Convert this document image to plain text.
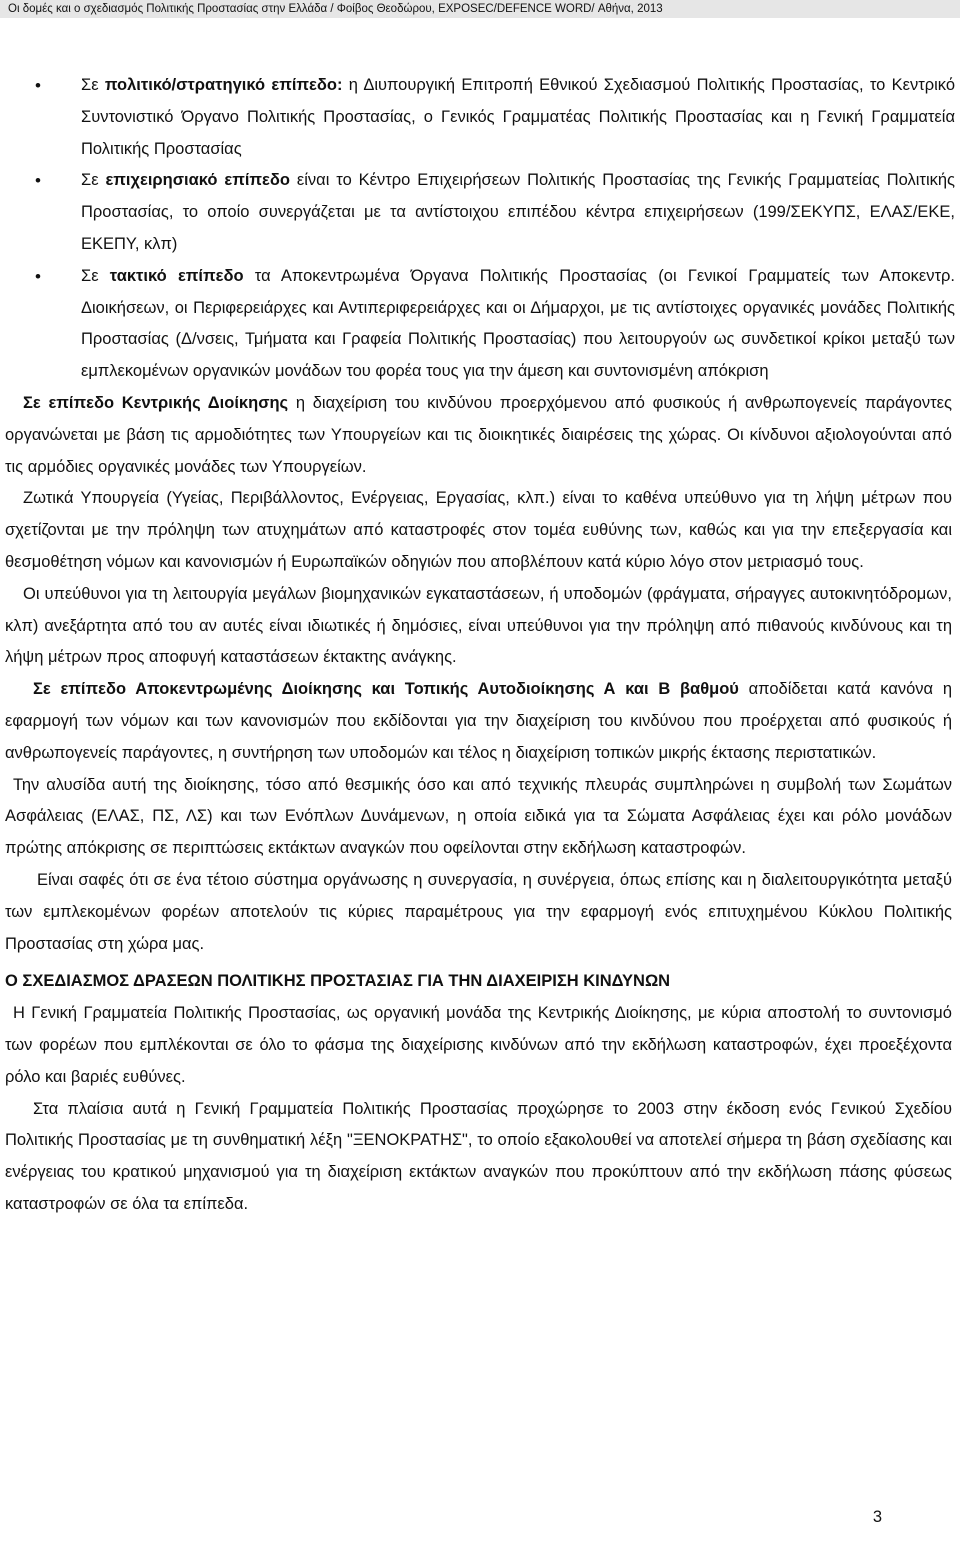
Οι δομές και ο σχεδιασμός Πολιτικής Προστασίας στην Ελλάδα / Φοίβος Θεοδώρου, EXPOSEC/DEFENCE WORD/ Αθήνα, 2013
• Σε πολιτικό/στρατηγικό επίπεδο: η Διυπουργική Επιτροπή Εθνικού Σχεδιασμού Πολιτικής Προστασίας, το Κεντρικό Συντονιστικό Όργανο Πολιτικής Προστασίας, ο Γενικός Γραμματέας Πολιτικής Προστασίας και η Γενική Γραμματεία Πολιτικής Προστασίας
• Σε επιχειρησιακό επίπεδο είναι το Κέντρο Επιχειρήσεων Πολιτικής Προστασίας της Γενικής Γραμματείας Πολιτικής Προστασίας, το οποίο συνεργάζεται με τα αντίστοιχου επιπέδου κέντρα επιχειρήσεων (199/ΣΕΚΥΠΣ, ΕΛΑΣ/ΕΚΕ, ΕΚΕΠΥ, κλπ)
• Σε τακτικό επίπεδο τα Αποκεντρωμένα Όργανα Πολιτικής Προστασίας (οι Γενικοί Γραμματείς των Αποκεντρ. Διοικήσεων, οι Περιφερειάρχες και Αντιπεριφερειάρχες και οι Δήμαρχοι, με τις αντίστοιχες οργανικές μονάδες Πολιτικής Προστασίας (Δ/νσεις, Τμήματα και Γραφεία Πολιτικής Προστασίας) που λειτουργούν ως συνδετικοί κρίκοι μεταξύ των εμπλεκομένων οργανικών μονάδων του φορέα τους για την άμεση και συντονισμένη απόκριση

Σε επίπεδο Κεντρικής Διοίκησης η διαχείριση του κινδύνου προερχόμενου από φυσικούς ή ανθρωπογενείς παράγοντες οργανώνεται με βάση τις αρμοδιότητες των Υπουργείων και τις διοικητικές διαιρέσεις της χώρας. Οι κίνδυνοι αξιολογούνται από τις αρμόδιες οργανικές μονάδες των Υπουργείων.

Ζωτικά Υπουργεία (Υγείας, Περιβάλλοντος, Ενέργειας, Εργασίας, κλπ.) είναι το καθένα υπεύθυνο για τη λήψη μέτρων που σχετίζονται με την πρόληψη των ατυχημάτων από καταστροφές στον τομέα ευθύνης των, καθώς και για την επεξεργασία και θεσμοθέτηση νόμων και κανονισμών ή Ευρωπαϊκών οδηγιών που αποβλέπουν κατά κύριο λόγο στον μετριασμό τους.

Οι υπεύθυνοι για τη λειτουργία μεγάλων βιομηχανικών εγκαταστάσεων, ή υποδομών (φράγματα, σήραγγες αυτοκινητόδρομων, κλπ) ανεξάρτητα από του αν αυτές είναι ιδιωτικές ή δημόσιες, είναι υπεύθυνοι για την πρόληψη από πιθανούς κινδύνους και τη λήψη μέτρων προς αποφυγή καταστάσεων έκτακτης ανάγκης.

Σε επίπεδο Αποκεντρωμένης Διοίκησης και Τοπικής Αυτοδιοίκησης Α και Β βαθμού αποδίδεται κατά κανόνα η εφαρμογή των νόμων και των κανονισμών που εκδίδονται για την διαχείριση του κινδύνου που προέρχεται από φυσικούς ή ανθρωπογενείς παράγοντες, η συντήρηση των υποδομών και τέλος η διαχείριση τοπικών μικρής έκτασης περιστατικών.

Την αλυσίδα αυτή της διοίκησης, τόσο από θεσμικής όσο και από τεχνικής πλευράς συμπληρώνει η συμβολή των Σωμάτων Ασφάλειας (ΕΛΑΣ, ΠΣ, ΛΣ) και των Ενόπλων Δυνάμενων, η οποία ειδικά για τα Σώματα Ασφάλειας έχει και ρόλο μονάδων πρώτης απόκρισης σε περιπτώσεις εκτάκτων αναγκών που οφείλονται στην εκδήλωση καταστροφών.

Είναι σαφές ότι σε ένα τέτοιο σύστημα οργάνωσης η συνεργασία, η συνέργεια, όπως επίσης και η διαλειτουργικότητα μεταξύ των εμπλεκομένων φορέων αποτελούν τις κύριες παραμέτρους για την εφαρμογή ενός επιτυχημένου Κύκλου Πολιτικής Προστασίας στη χώρα μας.

Ο ΣΧΕΔΙΑΣΜΟΣ ΔΡΑΣΕΩΝ ΠΟΛΙΤΙΚΗΣ ΠΡΟΣΤΑΣΙΑΣ ΓΙΑ ΤΗΝ ΔΙΑΧΕΙΡΙΣΗ ΚΙΝΔΥΝΩΝ

Η Γενική Γραμματεία Πολιτικής Προστασίας, ως οργανική μονάδα της Κεντρικής Διοίκησης, με κύρια αποστολή το συντονισμό των φορέων που εμπλέκονται σε όλο το φάσμα της διαχείρισης κινδύνων από την εκδήλωση καταστροφών, έχει προεξέχοντα ρόλο και βαριές ευθύνες.

Στα πλαίσια αυτά η Γενική Γραμματεία Πολιτικής Προστασίας προχώρησε το 2003 στην έκδοση ενός Γενικού Σχεδίου Πολιτικής Προστασίας με τη συνθηματική λέξη "ΞΕΝΟΚΡΑΤΗΣ", το οποίο εξακολουθεί να αποτελεί σήμερα τη βάση σχεδίασης και ενέργειας του κρατικού μηχανισμού για τη διαχείριση εκτάκτων αναγκών που προκύπτουν από την εκδήλωση πάσης φύσεως καταστροφών σε όλα τα επίπεδα.

3
